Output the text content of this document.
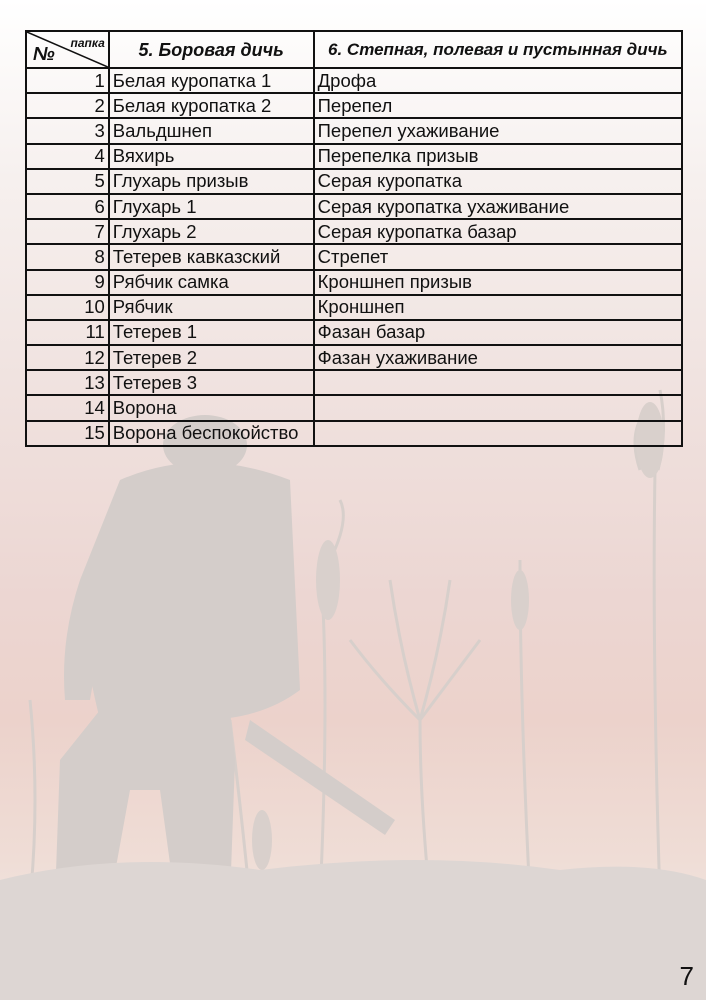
папка
№	5. Боровая дичь	6. Степная, полевая и пустынная дичь
1	Белая куропатка 1	Дрофа
2	Белая куропатка 2	Перепел
3	Вальдшнеп	Перепел ухаживание
4	Вяхирь	Перепелка призыв
5	Глухарь призыв	Серая куропатка
6	Глухарь 1	Серая куропатка ухаживание
7	Глухарь 2	Серая куропатка базар
8	Тетерев кавказский	Стрепет
9	Рябчик самка	Кроншнеп призыв
10	Рябчик	Кроншнеп
11	Тетерев 1	Фазан базар
12	Тетерев 2	Фазан ухаживание
13	Тетерев 3	
14	Ворона	
15	Ворона беспокойство	
7
